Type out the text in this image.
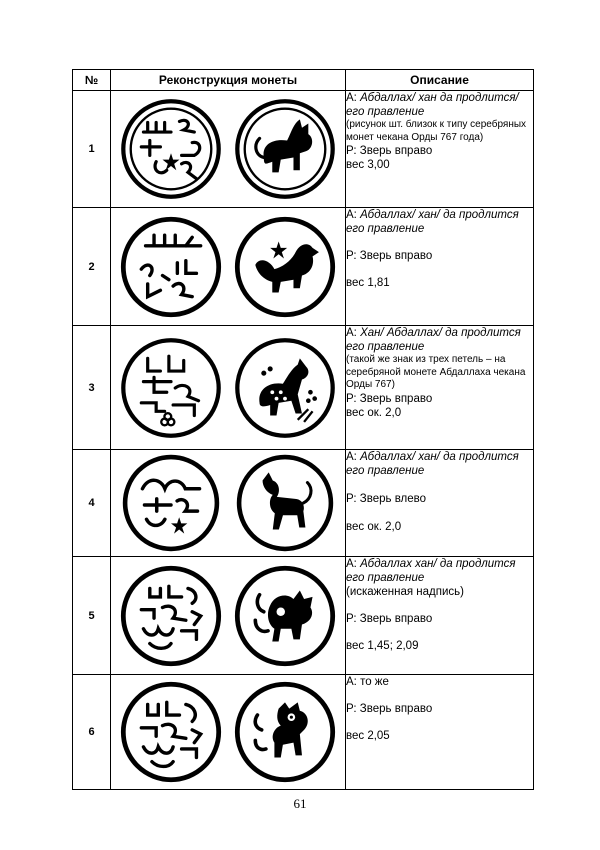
№	Реконструкция монеты	Описание
1		А: Абдаллах/ хан да продлится/ его правление

(рисунок шт. близок к типу серебряных монет чекана Орды 767 года)

Р: Зверь вправо

вес 3,00

2		А: Абдаллах/ хан/ да продлится его правление

Р: Зверь вправо

вес 1,81

3		А: Хан/ Абдаллах/ да продлится его правление

(такой же знак из трех петель – на серебряной монете Абдаллаха чекана Орды 767)

Р: Зверь вправо

вес ок. 2,0

4		А: Абдаллах/ хан/ да продлится его правление

Р: Зверь влево

вес ок. 2,0

5		А: Абдаллах хан/ да продлится его правление

(искаженная надпись)

Р: Зверь вправо

вес 1,45; 2,09

6		А: то же

Р: Зверь вправо

вес 2,05

61
